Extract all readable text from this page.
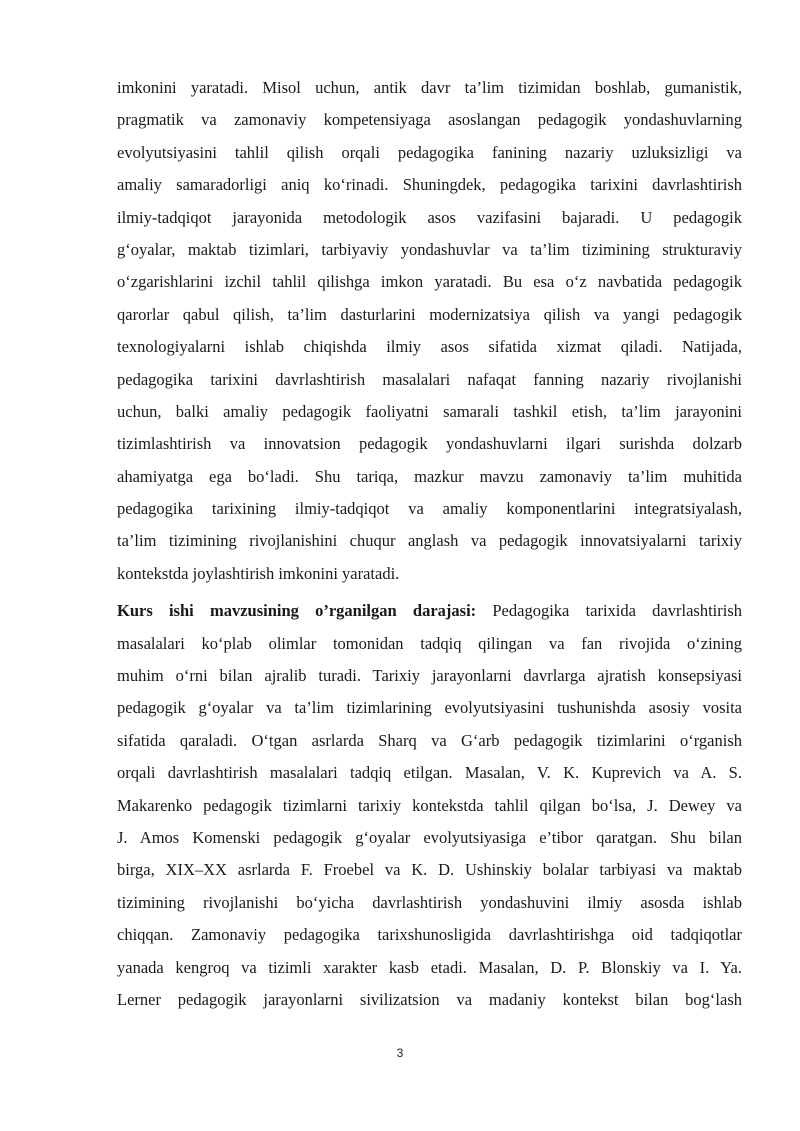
imkonini yaratadi. Misol uchun, antik davr ta’lim tizimidan boshlab, gumanistik,
pragmatik va zamonaviy kompetensiyaga asoslangan pedagogik yondashuvlarning
evolyutsiyasini tahlil qilish orqali pedagogika fanining nazariy uzluksizligi va
amaliy samaradorligi aniq ko‘rinadi. Shuningdek, pedagogika tarixini davrlashtirish
ilmiy-tadqiqot jarayonida metodologik asos vazifasini bajaradi. U pedagogik
g‘oyalar, maktab tizimlari, tarbiyaviy yondashuvlar va ta’lim tizimining strukturaviy
o‘zgarishlarini izchil tahlil qilishga imkon yaratadi. Bu esa o‘z navbatida pedagogik
qarorlar qabul qilish, ta’lim dasturlarini modernizatsiya qilish va yangi pedagogik
texnologiyalarni ishlab chiqishda ilmiy asos sifatida xizmat qiladi. Natijada,
pedagogika tarixini davrlashtirish masalalari nafaqat fanning nazariy rivojlanishi
uchun, balki amaliy pedagogik faoliyatni samarali tashkil etish, ta’lim jarayonini
tizimlashtirish va innovatsion pedagogik yondashuvlarni ilgari surishda dolzarb
ahamiyatga ega bo‘ladi. Shu tariqa, mazkur mavzu zamonaviy ta’lim muhitida
pedagogika tarixining ilmiy-tadqiqot va amaliy komponentlarini integratsiyalash,
ta’lim tizimining rivojlanishini chuqur anglash va pedagogik innovatsiyalarni tarixiy
kontekstda joylashtirish imkonini yaratadi.
Kurs ishi mavzusining o’rganilgan darajasi: Pedagogika tarixida davrlashtirish
masalalari ko‘plab olimlar tomonidan tadqiq qilingan va fan rivojida o‘zining
muhim o‘rni bilan ajralib turadi. Tarixiy jarayonlarni davrlarga ajratish konsepsiyasi
pedagogik g‘oyalar va ta’lim tizimlarining evolyutsiyasini tushunishda asosiy vosita
sifatida qaraladi. O‘tgan asrlarda Sharq va G‘arb pedagogik tizimlarini o‘rganish
orqali davrlashtirish masalalari tadqiq etilgan. Masalan, V. K. Kuprevich va A. S.
Makarenko pedagogik tizimlarni tarixiy kontekstda tahlil qilgan bo‘lsa, J. Dewey va
J. Amos Komenski pedagogik g‘oyalar evolyutsiyasiga e’tibor qaratgan. Shu bilan
birga, XIX–XX asrlarda F. Froebel va K. D. Ushinskiy bolalar tarbiyasi va maktab
tizimining rivojlanishi bo‘yicha davrlashtirish yondashuvini ilmiy asosda ishlab
chiqqan. Zamonaviy pedagogika tarixshunosligida davrlashtirishga oid tadqiqotlar
yanada kengroq va tizimli xarakter kasb etadi. Masalan, D. P. Blonskiy va I. Ya.
Lerner pedagogik jarayonlarni sivilizatsion va madaniy kontekst bilan bog‘lash
3
